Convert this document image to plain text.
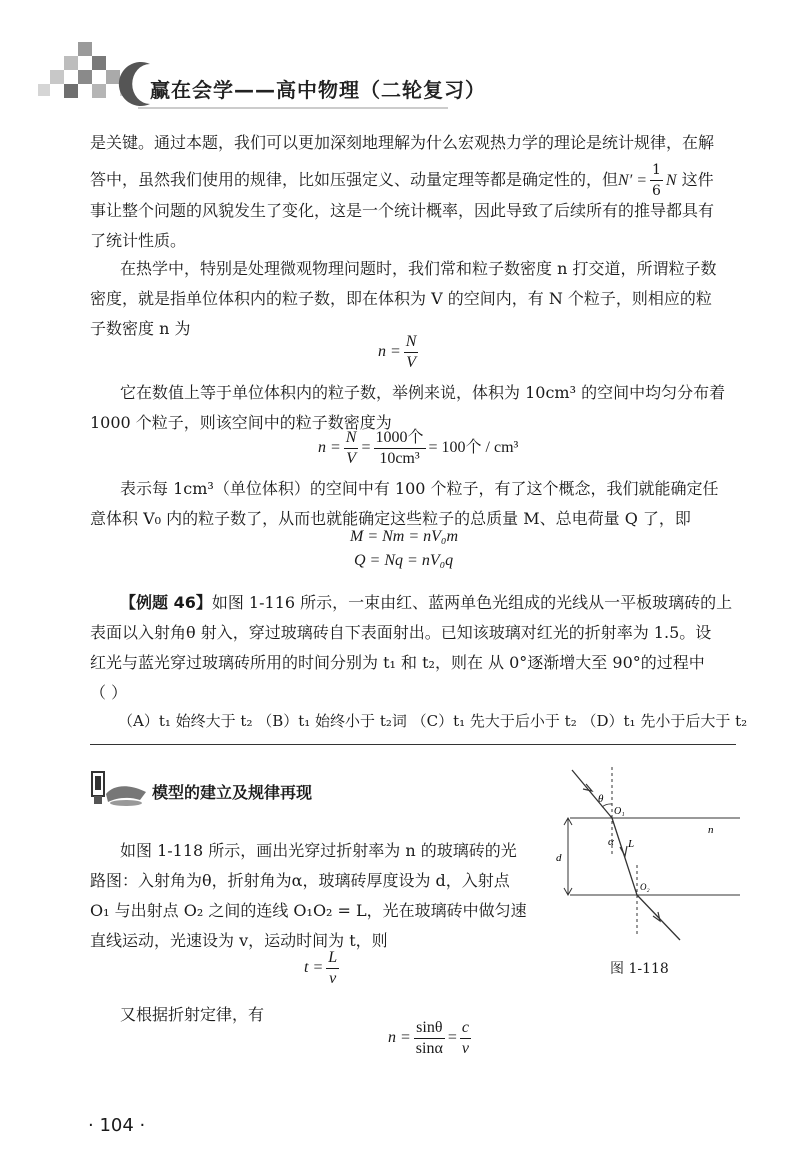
赢在会学——高中物理（二轮复习）

是关键。通过本题，我们可以更加深刻地理解为什么宏观热力学的理论是统计规律，在解

答中，虽然我们使用的规律，比如压强定义、动量定理等都是确定性的，但$N' = \frac{1}{6}$ N 这件

事让整个问题的风貌发生了变化，这是一个统计概率，因此导致了后续所有的推导都具有

了统计性质。

在热学中，特别是处理微观物理问题时，我们常和粒子数密度 n 打交道，所谓粒子数

密度，就是指单位体积内的粒子数，即在体积为 V 的空间内，有 N 个粒子，则相应的粒

子数密度 n 为

$n = \frac{N}{V}$

它在数值上等于单位体积内的粒子数，举例来说，体积为 10cm³ 的空间中均匀分布着

1000 个粒子，则该空间中的粒子数密度为

$n = \frac{N}{V} = \frac{\text{1000个}}{\text{10cm³}} = 100$个 / cm³

表示每 1cm³（单位体积）的空间中有 100 个粒子，有了这个概念，我们就能确定任

意体积 V₀ 内的粒子数了，从而也就能确定这些粒子的总质量 M、总电荷量 Q 了，即

M = Nm = nV₀m
Q = Nq = nV₀q

【例题 46】如图 1-116 所示，一束由红、蓝两单色光组成的光线从一平板玻璃砖的上

表面以入射角θ 射入，穿过玻璃砖自下表面射出。已知该玻璃对红光的折射率为 1.5。设

红光与蓝光穿过玻璃砖所用的时间分别为 t₁ 和 t₂，则在 从 0°逐渐增大至 90°的过程中

（ ）

（A）t₁ 始终大于 t₂ （B）t₁ 始终小于 t₂词 （C）t₁ 先大于后小于 t₂ （D）t₁ 先小于后大于 t₂

模型的建立及规律再现

如图 1-118 所示，画出光穿过折射率为 n 的玻璃砖的光

路图：入射角为θ，折射角为α，玻璃砖厚度设为 d，入射点

O₁ 与出射点 O₂ 之间的连线 O₁O₂ = L，光在玻璃砖中做匀速

直线运动，光速设为 v，运动时间为 t，则

$t = \frac{L}{v}$

又根据折射定律，有

$n = \frac{\sin\theta}{\sin\alpha} = \frac{c}{v}$
θ
O₁
n
d
α L
O₂
图 1-118
· 104 ·
